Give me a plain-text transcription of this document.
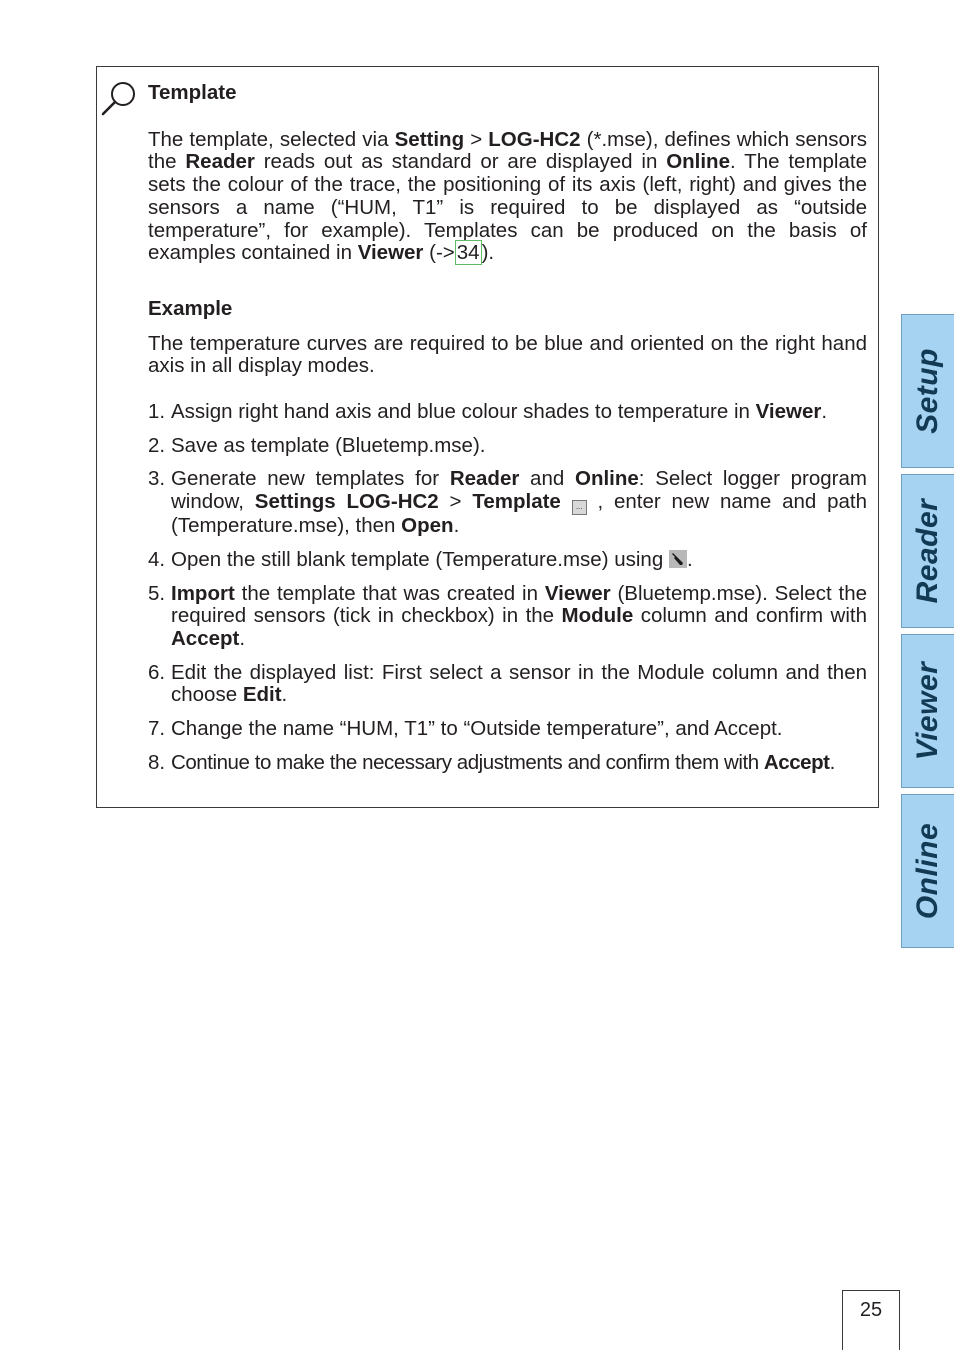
Template

The template, selected via Setting > LOG-HC2 (*.mse), defines which sensors the Reader reads out as standard or are displayed in Online. The template sets the colour of the trace, the positioning of its axis (left, right) and gives the sensors a name (“HUM, T1” is required to be displayed as “outside temperature”, for example). Templates can be produced on the basis of examples contained in Viewer (->34).

Example

The temperature curves are required to be blue and oriented on the right hand axis in all display modes.

1. Assign right hand axis and blue colour shades to temperature in Viewer.
2. Save as template (Bluetemp.mse).
3. Generate new templates for Reader and Online: Select logger program window, Settings LOG-HC2 > Template ... , enter new name and path (Temperature.mse), then Open.
4. Open the still blank template (Temperature.mse) using .
5. Import the template that was created in Viewer (Bluetemp.mse). Select the required sensors (tick in checkbox) in the Module column and confirm with Accept.
6. Edit the displayed list: First select a sensor in the Module column and then choose Edit.
7. Change the name “HUM, T1” to “Outside temperature”, and Accept.
8. Continue to make the necessary adjustments and confirm them with Accept.
Setup
Reader
Viewer
Online
25
